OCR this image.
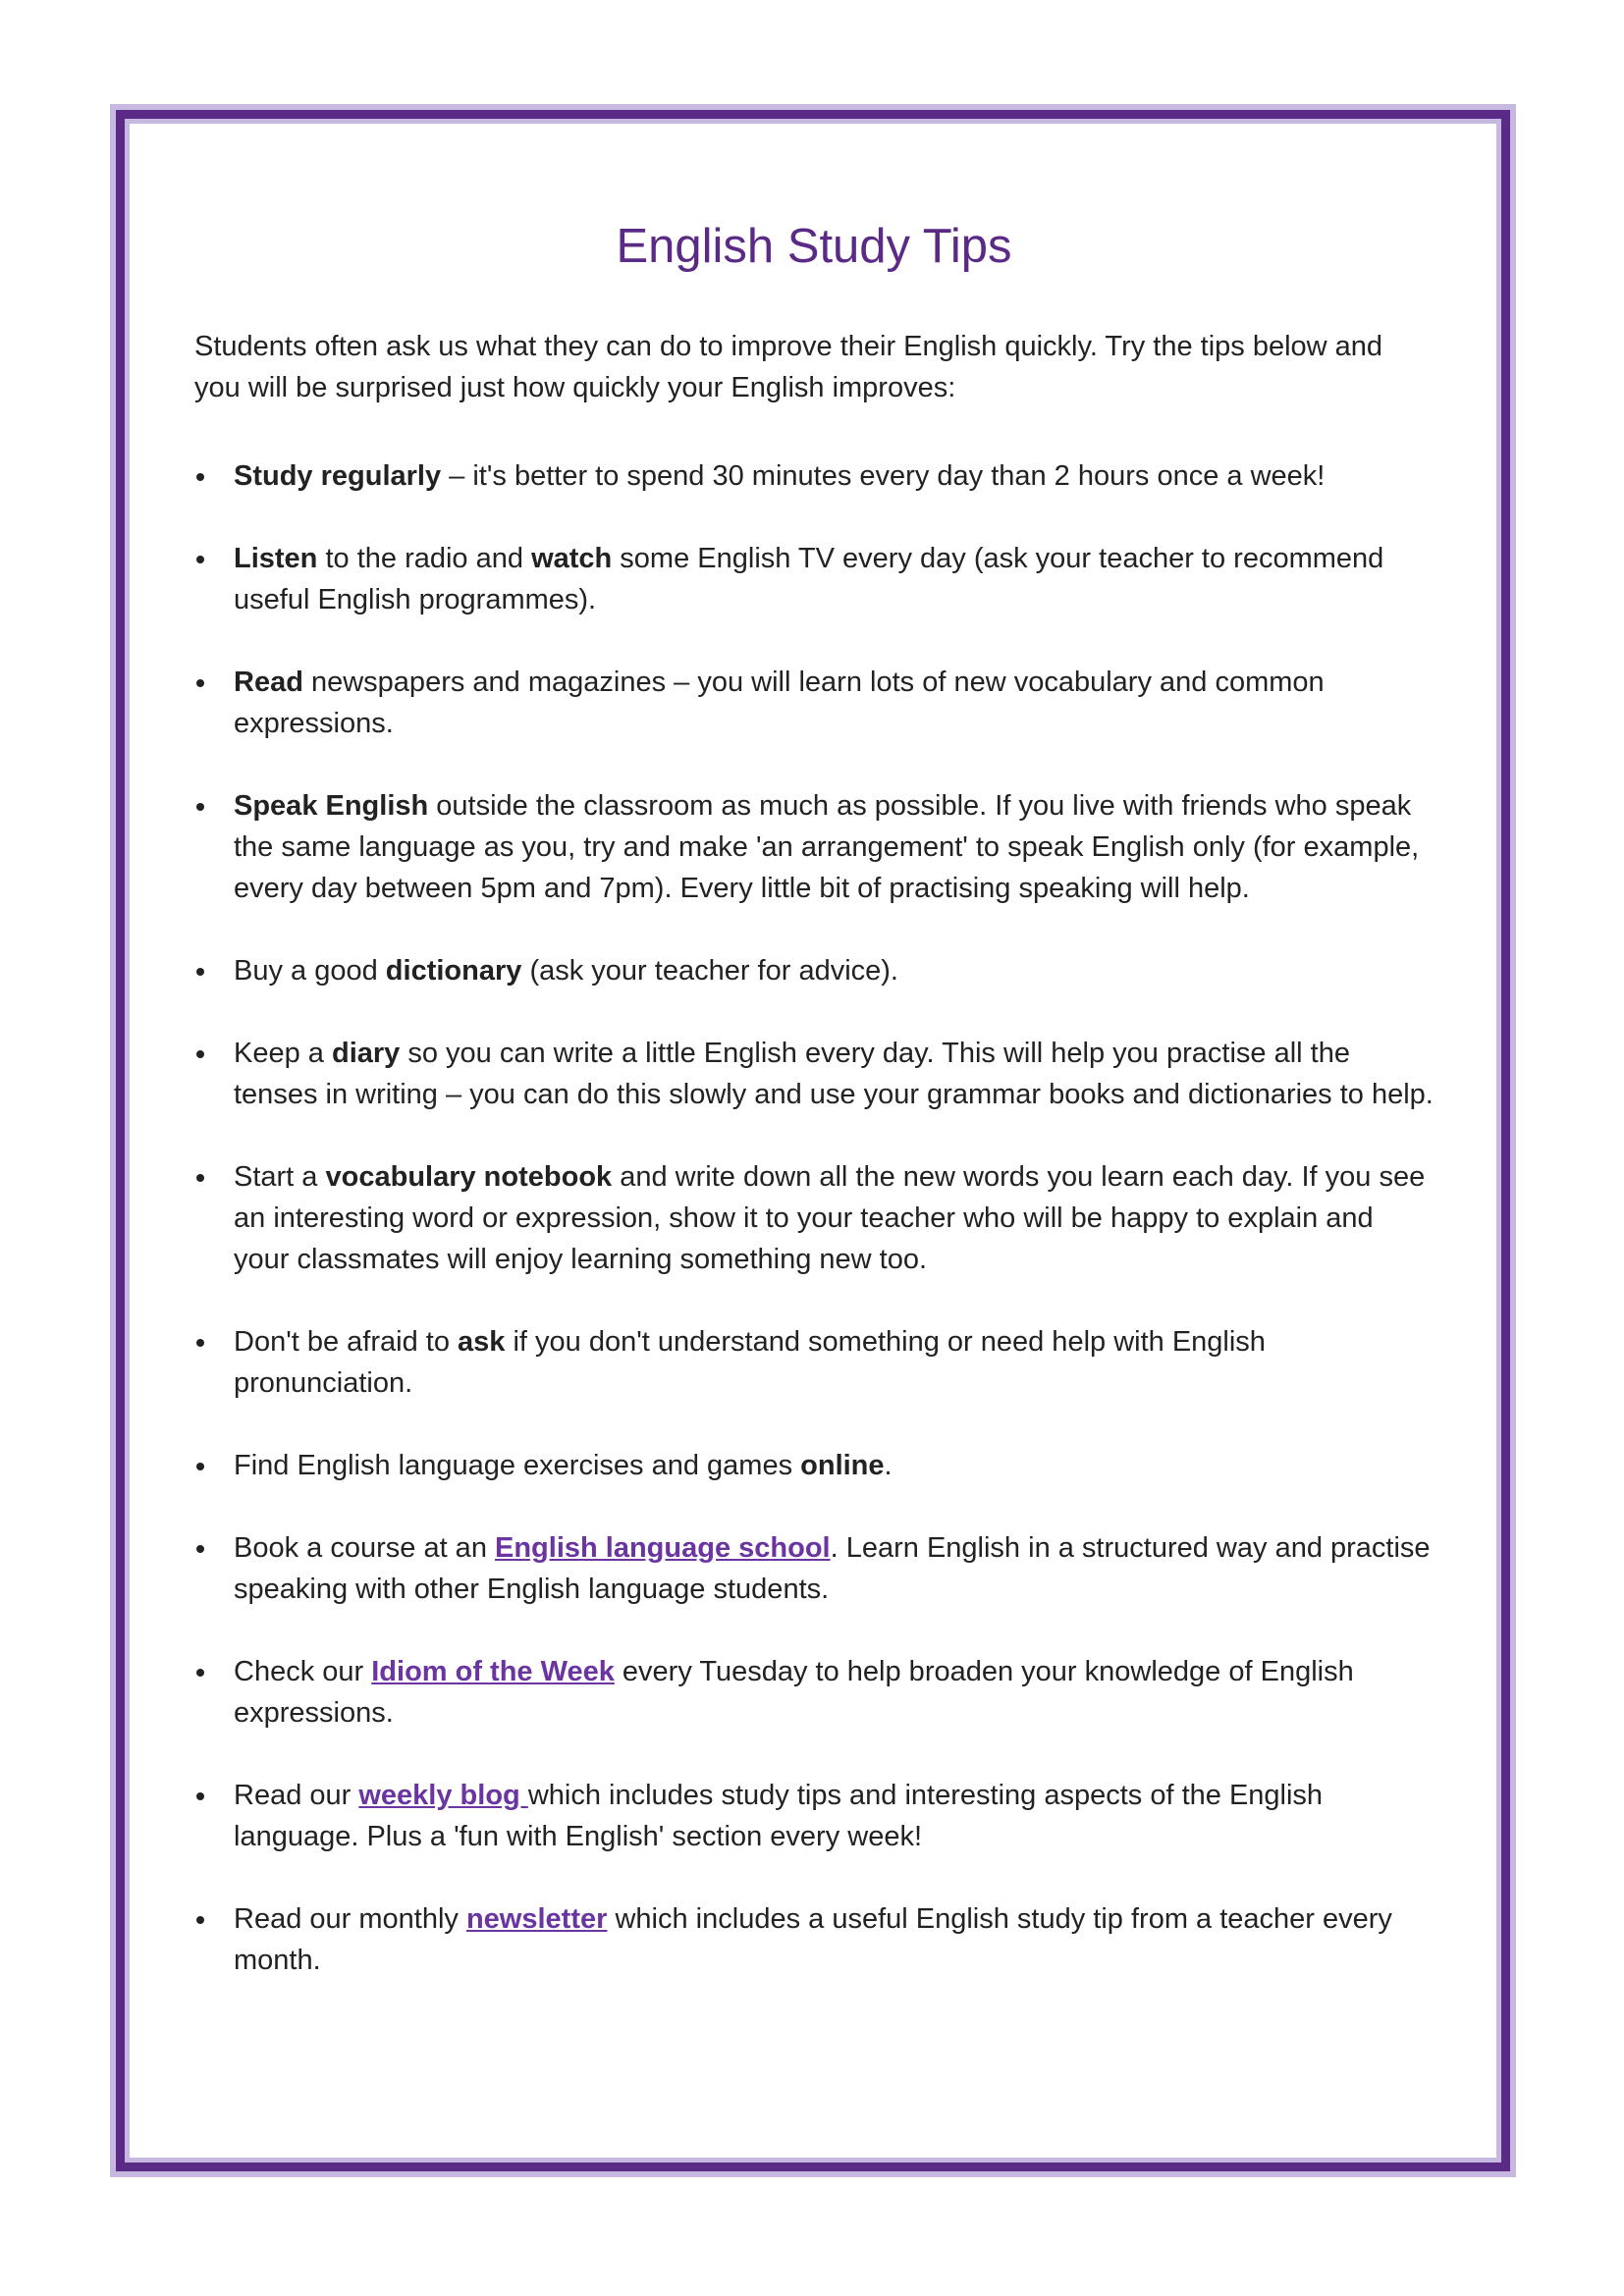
English Study Tips

Students often ask us what they can do to improve their English quickly. Try the tips below and you will be surprised just how quickly your English improves:

Study regularly – it's better to spend 30 minutes every day than 2 hours once a week!
Listen to the radio and watch some English TV every day (ask your teacher to recommend useful English programmes).
Read newspapers and magazines – you will learn lots of new vocabulary and common expressions.
Speak English outside the classroom as much as possible. If you live with friends who speak the same language as you, try and make 'an arrangement' to speak English only (for example, every day between 5pm and 7pm). Every little bit of practising speaking will help.
Buy a good dictionary (ask your teacher for advice).
Keep a diary so you can write a little English every day. This will help you practise all the tenses in writing – you can do this slowly and use your grammar books and dictionaries to help.
Start a vocabulary notebook and write down all the new words you learn each day. If you see an interesting word or expression, show it to your teacher who will be happy to explain and your classmates will enjoy learning something new too.
Don't be afraid to ask if you don't understand something or need help with English pronunciation.
Find English language exercises and games online.
Book a course at an English language school. Learn English in a structured way and practise speaking with other English language students.
Check our Idiom of the Week every Tuesday to help broaden your knowledge of English expressions.
Read our weekly blog which includes study tips and interesting aspects of the English language. Plus a 'fun with English' section every week!
Read our monthly newsletter which includes a useful English study tip from a teacher every month.
